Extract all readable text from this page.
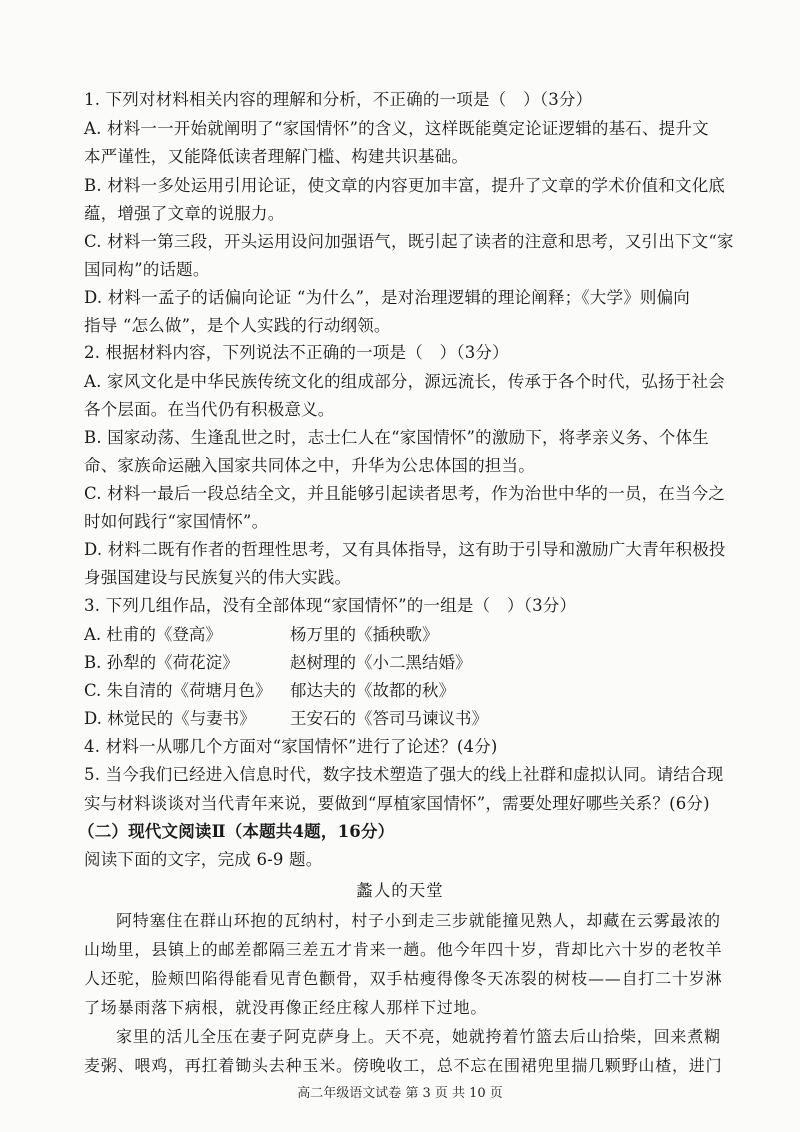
1. 下列对材料相关内容的理解和分析，不正确的一项是（　）（3分）
A. 材料一一开始就阐明了“家国情怀”的含义，这样既能奠定论证逻辑的基石、提升文
本严谨性，又能降低读者理解门槛、构建共识基础。
B. 材料一多处运用引用论证，使文章的内容更加丰富，提升了文章的学术价值和文化底
蕴，增强了文章的说服力。
C. 材料一第三段，开头运用设问加强语气，既引起了读者的注意和思考，又引出下文“家
国同构”的话题。
D. 材料一孟子的话偏向论证 “为什么”，是对治理逻辑的理论阐释；《大学》则偏向
指导 “怎么做”，是个人实践的行动纲领。
2. 根据材料内容，下列说法不正确的一项是（　）（3分）
A. 家风文化是中华民族传统文化的组成部分，源远流长，传承于各个时代，弘扬于社会
各个层面。在当代仍有积极意义。
B. 国家动荡、生逢乱世之时，志士仁人在“家国情怀”的激励下，将孝亲义务、个体生
命、家族命运融入国家共同体之中，升华为公忠体国的担当。
C. 材料一最后一段总结全文，并且能够引起读者思考，作为治世中华的一员，在当今之
时如何践行“家国情怀”。
D. 材料二既有作者的哲理性思考，又有具体指导，这有助于引导和激励广大青年积极投
身强国建设与民族复兴的伟大实践。
3. 下列几组作品，没有全部体现“家国情怀”的一组是（　）（3分）
A. 杜甫的《登高》	杨万里的《插秧歌》
B. 孙犁的《荷花淀》	赵树理的《小二黑结婚》
C. 朱自清的《荷塘月色》 郁达夫的《故都的秋》
D. 林觉民的《与妻书》 王安石的《答司马谏议书》
4. 材料一从哪几个方面对“家国情怀”进行了论述？(4分)
5. 当今我们已经进入信息时代，数字技术塑造了强大的线上社群和虚拟认同。请结合现
实与材料谈谈对当代青年来说，要做到“厚植家国情怀”，需要处理好哪些关系？(6分)
（二）现代文阅读Ⅱ（本题共4题，16分）
阅读下面的文字，完成 6-9 题。
蠡人的天堂
阿特塞住在群山环抱的瓦纳村，村子小到走三步就能撞见熟人，却藏在云雾最浓的
山坳里，县镇上的邮差都隔三差五才肯来一趟。他今年四十岁，背却比六十岁的老牧羊
人还驼，脸颊凹陷得能看见青色颧骨，双手枯瘦得像冬天冻裂的树枝——自打二十岁淋
了场暴雨落下病根，就没再像正经庄稼人那样下过地。
家里的活儿全压在妻子阿克萨身上。天不亮，她就挎着竹篮去后山拾柴，回来煮糊
麦粥、喂鸡，再扛着锄头去种玉米。傍晚收工，总不忘在围裙兜里揣几颗野山楂，进门
高二年级语文试卷 第 3 页 共 10 页
